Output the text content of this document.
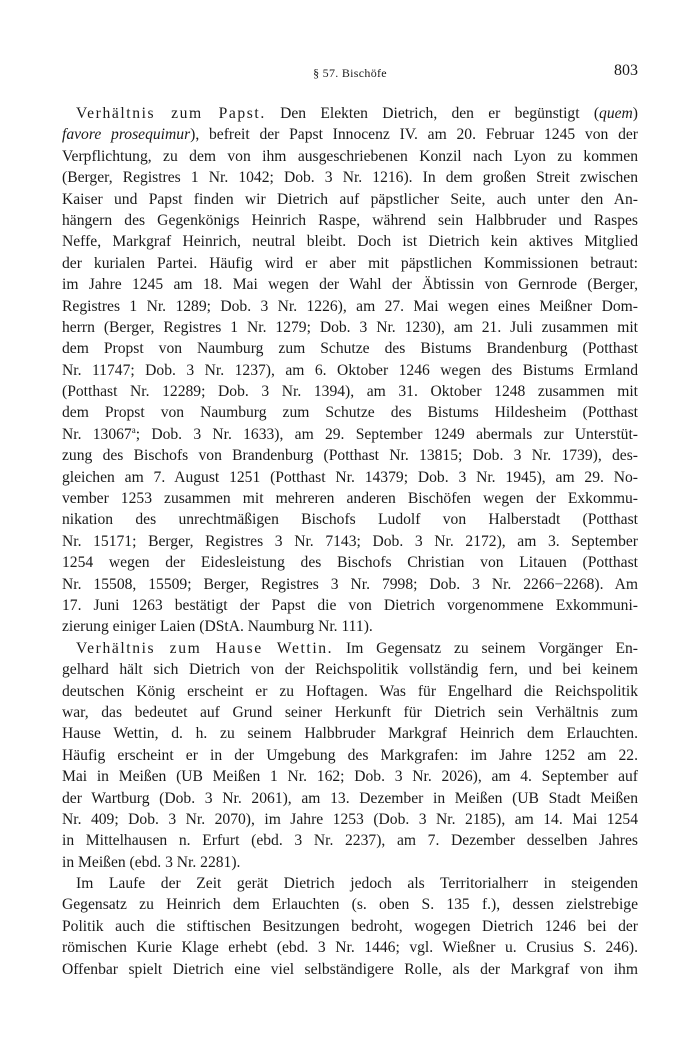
§ 57. Bischöfe	803
Verhältnis zum Papst. Den Elekten Dietrich, den er begünstigt (quem)
favore prosequimur), befreit der Papst Innocenz IV. am 20. Februar 1245 von der
Verpflichtung, zu dem von ihm ausgeschriebenen Konzil nach Lyon zu kommen
(Berger, Registres 1 Nr. 1042; Dob. 3 Nr. 1216). In dem großen Streit zwischen
Kaiser und Papst finden wir Dietrich auf päpstlicher Seite, auch unter den An-
hängern des Gegenkönigs Heinrich Raspe, während sein Halbbruder und Raspes
Neffe, Markgraf Heinrich, neutral bleibt. Doch ist Dietrich kein aktives Mitglied
der kurialen Partei. Häufig wird er aber mit päpstlichen Kommissionen betraut:
im Jahre 1245 am 18. Mai wegen der Wahl der Äbtissin von Gernrode (Berger,
Registres 1 Nr. 1289; Dob. 3 Nr. 1226), am 27. Mai wegen eines Meißner Dom-
herrn (Berger, Registres 1 Nr. 1279; Dob. 3 Nr. 1230), am 21. Juli zusammen mit
dem Propst von Naumburg zum Schutze des Bistums Brandenburg (Potthast
Nr. 11747; Dob. 3 Nr. 1237), am 6. Oktober 1246 wegen des Bistums Ermland
(Potthast Nr. 12289; Dob. 3 Nr. 1394), am 31. Oktober 1248 zusammen mit
dem Propst von Naumburg zum Schutze des Bistums Hildesheim (Potthast
Nr. 13067$^a$; Dob. 3 Nr. 1633), am 29. September 1249 abermals zur Unterstüt-
zung des Bischofs von Brandenburg (Potthast Nr. 13815; Dob. 3 Nr. 1739), des-
gleichen am 7. August 1251 (Potthast Nr. 14379; Dob. 3 Nr. 1945), am 29. No-
vember 1253 zusammen mit mehreren anderen Bischöfen wegen der Exkommu-
nikation des unrechtmäßigen Bischofs Ludolf von Halberstadt (Potthast
Nr. 15171; Berger, Registres 3 Nr. 7143; Dob. 3 Nr. 2172), am 3. September
1254 wegen der Eidesleistung des Bischofs Christian von Litauen (Potthast
Nr. 15508, 15509; Berger, Registres 3 Nr. 7998; Dob. 3 Nr. 2266−2268). Am
17. Juni 1263 bestätigt der Papst die von Dietrich vorgenommene Exkommuni-
zierung einiger Laien (DStA. Naumburg Nr. 111).
Verhältnis zum Hause Wettin. Im Gegensatz zu seinem Vorgänger En-
gelhard hält sich Dietrich von der Reichspolitik vollständig fern, und bei keinem
deutschen König erscheint er zu Hoftagen. Was für Engelhard die Reichspolitik
war, das bedeutet auf Grund seiner Herkunft für Dietrich sein Verhältnis zum
Hause Wettin, d. h. zu seinem Halbbruder Markgraf Heinrich dem Erlauchten.
Häufig erscheint er in der Umgebung des Markgrafen: im Jahre 1252 am 22.
Mai in Meißen (UB Meißen 1 Nr. 162; Dob. 3 Nr. 2026), am 4. September auf
der Wartburg (Dob. 3 Nr. 2061), am 13. Dezember in Meißen (UB Stadt Meißen
Nr. 409; Dob. 3 Nr. 2070), im Jahre 1253 (Dob. 3 Nr. 2185), am 14. Mai 1254
in Mittelhausen n. Erfurt (ebd. 3 Nr. 2237), am 7. Dezember desselben Jahres
in Meißen (ebd. 3 Nr. 2281).
Im Laufe der Zeit gerät Dietrich jedoch als Territorialherr in steigenden
Gegensatz zu Heinrich dem Erlauchten (s. oben S. 135 f.), dessen zielstrebige
Politik auch die stiftischen Besitzungen bedroht, wogegen Dietrich 1246 bei der
römischen Kurie Klage erhebt (ebd. 3 Nr. 1446; vgl. Wießner u. Crusius S. 246).
Offenbar spielt Dietrich eine viel selbständigere Rolle, als der Markgraf von ihm
